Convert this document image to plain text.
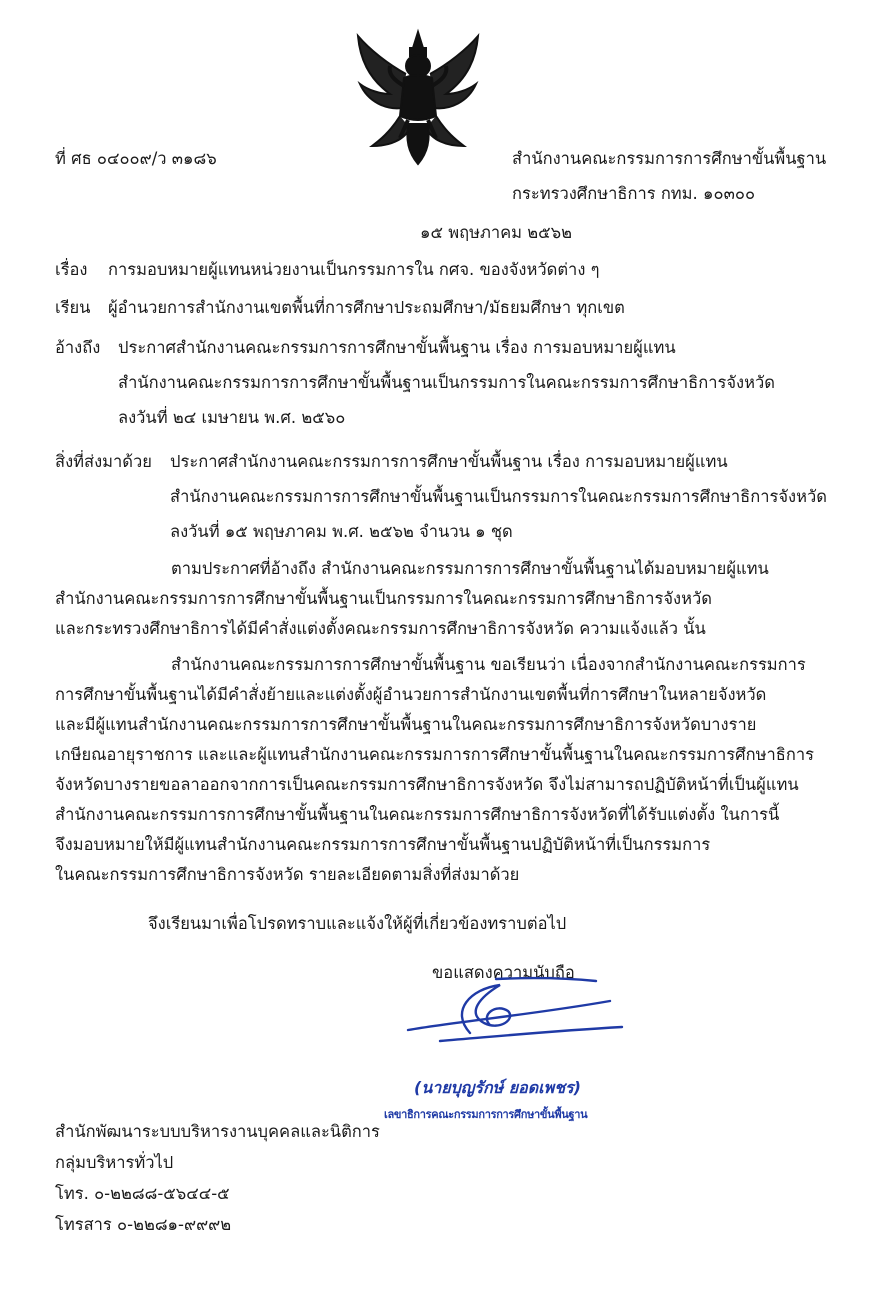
ที่ ศธ ๐๔๐๐๙/ว ๓๑๘๖	สำนักงานคณะกรรมการการศึกษาขั้นพื้นฐาน
กระทรวงศึกษาธิการ กทม. ๑๐๓๐๐
๑๕ พฤษภาคม ๒๕๖๒
เรื่อง การมอบหมายผู้แทนหน่วยงานเป็นกรรมการใน กศจ. ของจังหวัดต่าง ๆ
เรียน ผู้อำนวยการสำนักงานเขตพื้นที่การศึกษาประถมศึกษา/มัธยมศึกษา ทุกเขต
อ้างถึง ประกาศสำนักงานคณะกรรมการการศึกษาขั้นพื้นฐาน เรื่อง การมอบหมายผู้แทน
สำนักงานคณะกรรมการการศึกษาขั้นพื้นฐานเป็นกรรมการในคณะกรรมการศึกษาธิการจังหวัด
ลงวันที่ ๒๔ เมษายน พ.ศ. ๒๕๖๐
สิ่งที่ส่งมาด้วย ประกาศสำนักงานคณะกรรมการการศึกษาขั้นพื้นฐาน เรื่อง การมอบหมายผู้แทน
สำนักงานคณะกรรมการการศึกษาขั้นพื้นฐานเป็นกรรมการในคณะกรรมการศึกษาธิการจังหวัด
ลงวันที่ ๑๕ พฤษภาคม พ.ศ. ๒๕๖๒ จำนวน ๑ ชุด
ตามประกาศที่อ้างถึง สำนักงานคณะกรรมการการศึกษาขั้นพื้นฐานได้มอบหมายผู้แทน
สำนักงานคณะกรรมการการศึกษาขั้นพื้นฐานเป็นกรรมการในคณะกรรมการศึกษาธิการจังหวัด
และกระทรวงศึกษาธิการได้มีคำสั่งแต่งตั้งคณะกรรมการศึกษาธิการจังหวัด ความแจ้งแล้ว นั้น
สำนักงานคณะกรรมการการศึกษาขั้นพื้นฐาน ขอเรียนว่า เนื่องจากสำนักงานคณะกรรมการ
การศึกษาขั้นพื้นฐานได้มีคำสั่งย้ายและแต่งตั้งผู้อำนวยการสำนักงานเขตพื้นที่การศึกษาในหลายจังหวัด
และมีผู้แทนสำนักงานคณะกรรมการการศึกษาขั้นพื้นฐานในคณะกรรมการศึกษาธิการจังหวัดบางราย
เกษียณอายุราชการ และและผู้แทนสำนักงานคณะกรรมการการศึกษาขั้นพื้นฐานในคณะกรรมการศึกษาธิการ
จังหวัดบางรายขอลาออกจากการเป็นคณะกรรมการศึกษาธิการจังหวัด จึงไม่สามารถปฏิบัติหน้าที่เป็นผู้แทน
สำนักงานคณะกรรมการการศึกษาขั้นพื้นฐานในคณะกรรมการศึกษาธิการจังหวัดที่ได้รับแต่งตั้ง ในการนี้
จึงมอบหมายให้มีผู้แทนสำนักงานคณะกรรมการการศึกษาขั้นพื้นฐานปฏิบัติหน้าที่เป็นกรรมการ
ในคณะกรรมการศึกษาธิการจังหวัด รายละเอียดตามสิ่งที่ส่งมาด้วย
จึงเรียนมาเพื่อโปรดทราบและแจ้งให้ผู้ที่เกี่ยวข้องทราบต่อไป
ขอแสดงความนับถือ
(นายบุญรักษ์ ยอดเพชร)
เลขาธิการคณะกรรมการการศึกษาขั้นพื้นฐาน
สำนักพัฒนาระบบบริหารงานบุคคลและนิติการ
กลุ่มบริหารทั่วไป
โทร. ๐-๒๒๘๘-๕๖๔๔-๕
โทรสาร ๐-๒๒๘๑-๙๙๙๒
